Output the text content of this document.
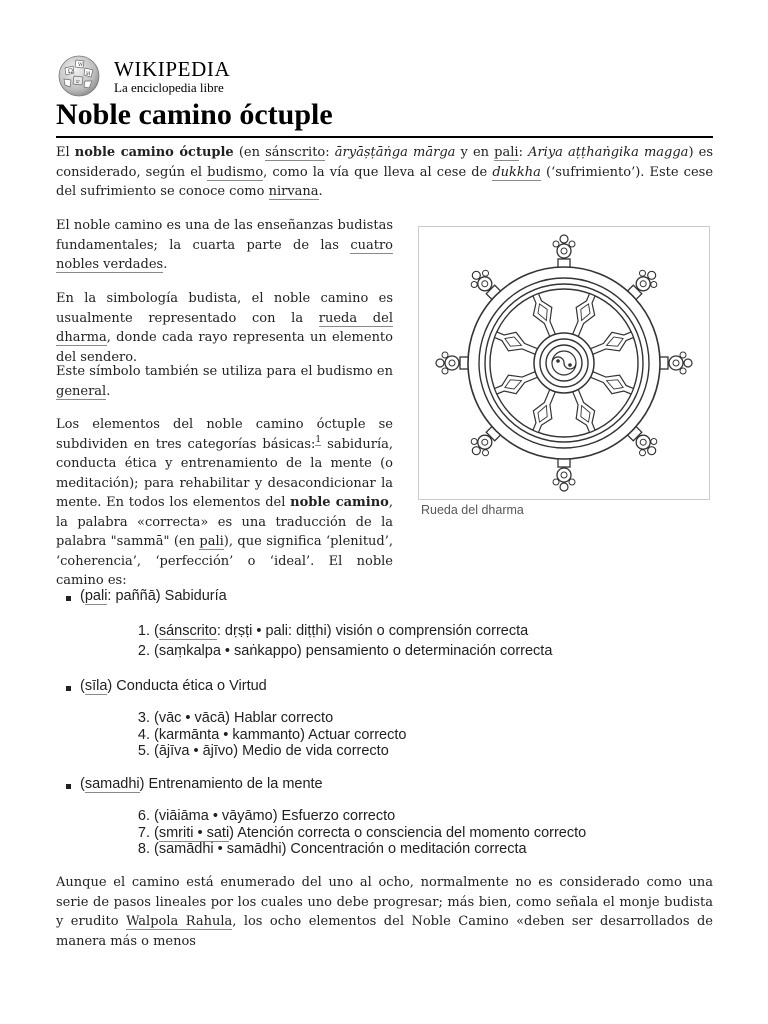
Ω
W
И
ש
WIKIPEDIA
La enciclopedia libre
Noble camino óctuple

El noble camino óctuple (en sánscrito: āryāṣṭāṅga mārga y en pali: Ariya aṭṭhaṅgika magga) es considerado, según el budismo, como la vía que lleva al cese de dukkha (‘sufrimiento’). Este cese del sufrimiento se conoce como nirvana.

El noble camino es una de las enseñanzas budistas fundamentales; la cuarta parte de las cuatro nobles verdades.

En la simbología budista, el noble camino es usualmente representado con la rueda del dharma, donde cada rayo representa un elemento del sendero.

Este símbolo también se utiliza para el budismo en general.

Los elementos del noble camino óctuple se subdividen en tres categorías básicas:$^1$ sabiduría, conducta ética y entrenamiento de la mente (o meditación); para rehabilitar y desacondicionar la mente. En todos los elementos del noble camino, la palabra «correcta» es una traducción de la palabra "sammā" (en pali), que significa ‘plenitud’, ‘coherencia’, ‘perfección’ o ‘ideal’. El noble camino es:

Rueda del dharma
(pali: paññā) Sabiduría
1. (sánscrito: dṛṣṭi • pali: diṭṭhi) visión o comprensión correcta
2. (saṃkalpa • saṅkappo) pensamiento o determinación correcta
(sīla) Conducta ética o Virtud
3. (vāc • vācā) Hablar correcto
4. (karmānta • kammanto) Actuar correcto
5. (ājīva • ājīvo) Medio de vida correcto
(samadhi) Entrenamiento de la mente
6. (viāiāma • vāyāmo) Esfuerzo correcto
7. (smriti • sati) Atención correcta o consciencia del momento correcto
8. (samādhi • samādhi) Concentración o meditación correcta

Aunque el camino está enumerado del uno al ocho, normalmente no es considerado como una serie de pasos lineales por los cuales uno debe progresar; más bien, como señala el monje budista y erudito Walpola Rahula, los ocho elementos del Noble Camino «deben ser desarrollados de manera más o menos
